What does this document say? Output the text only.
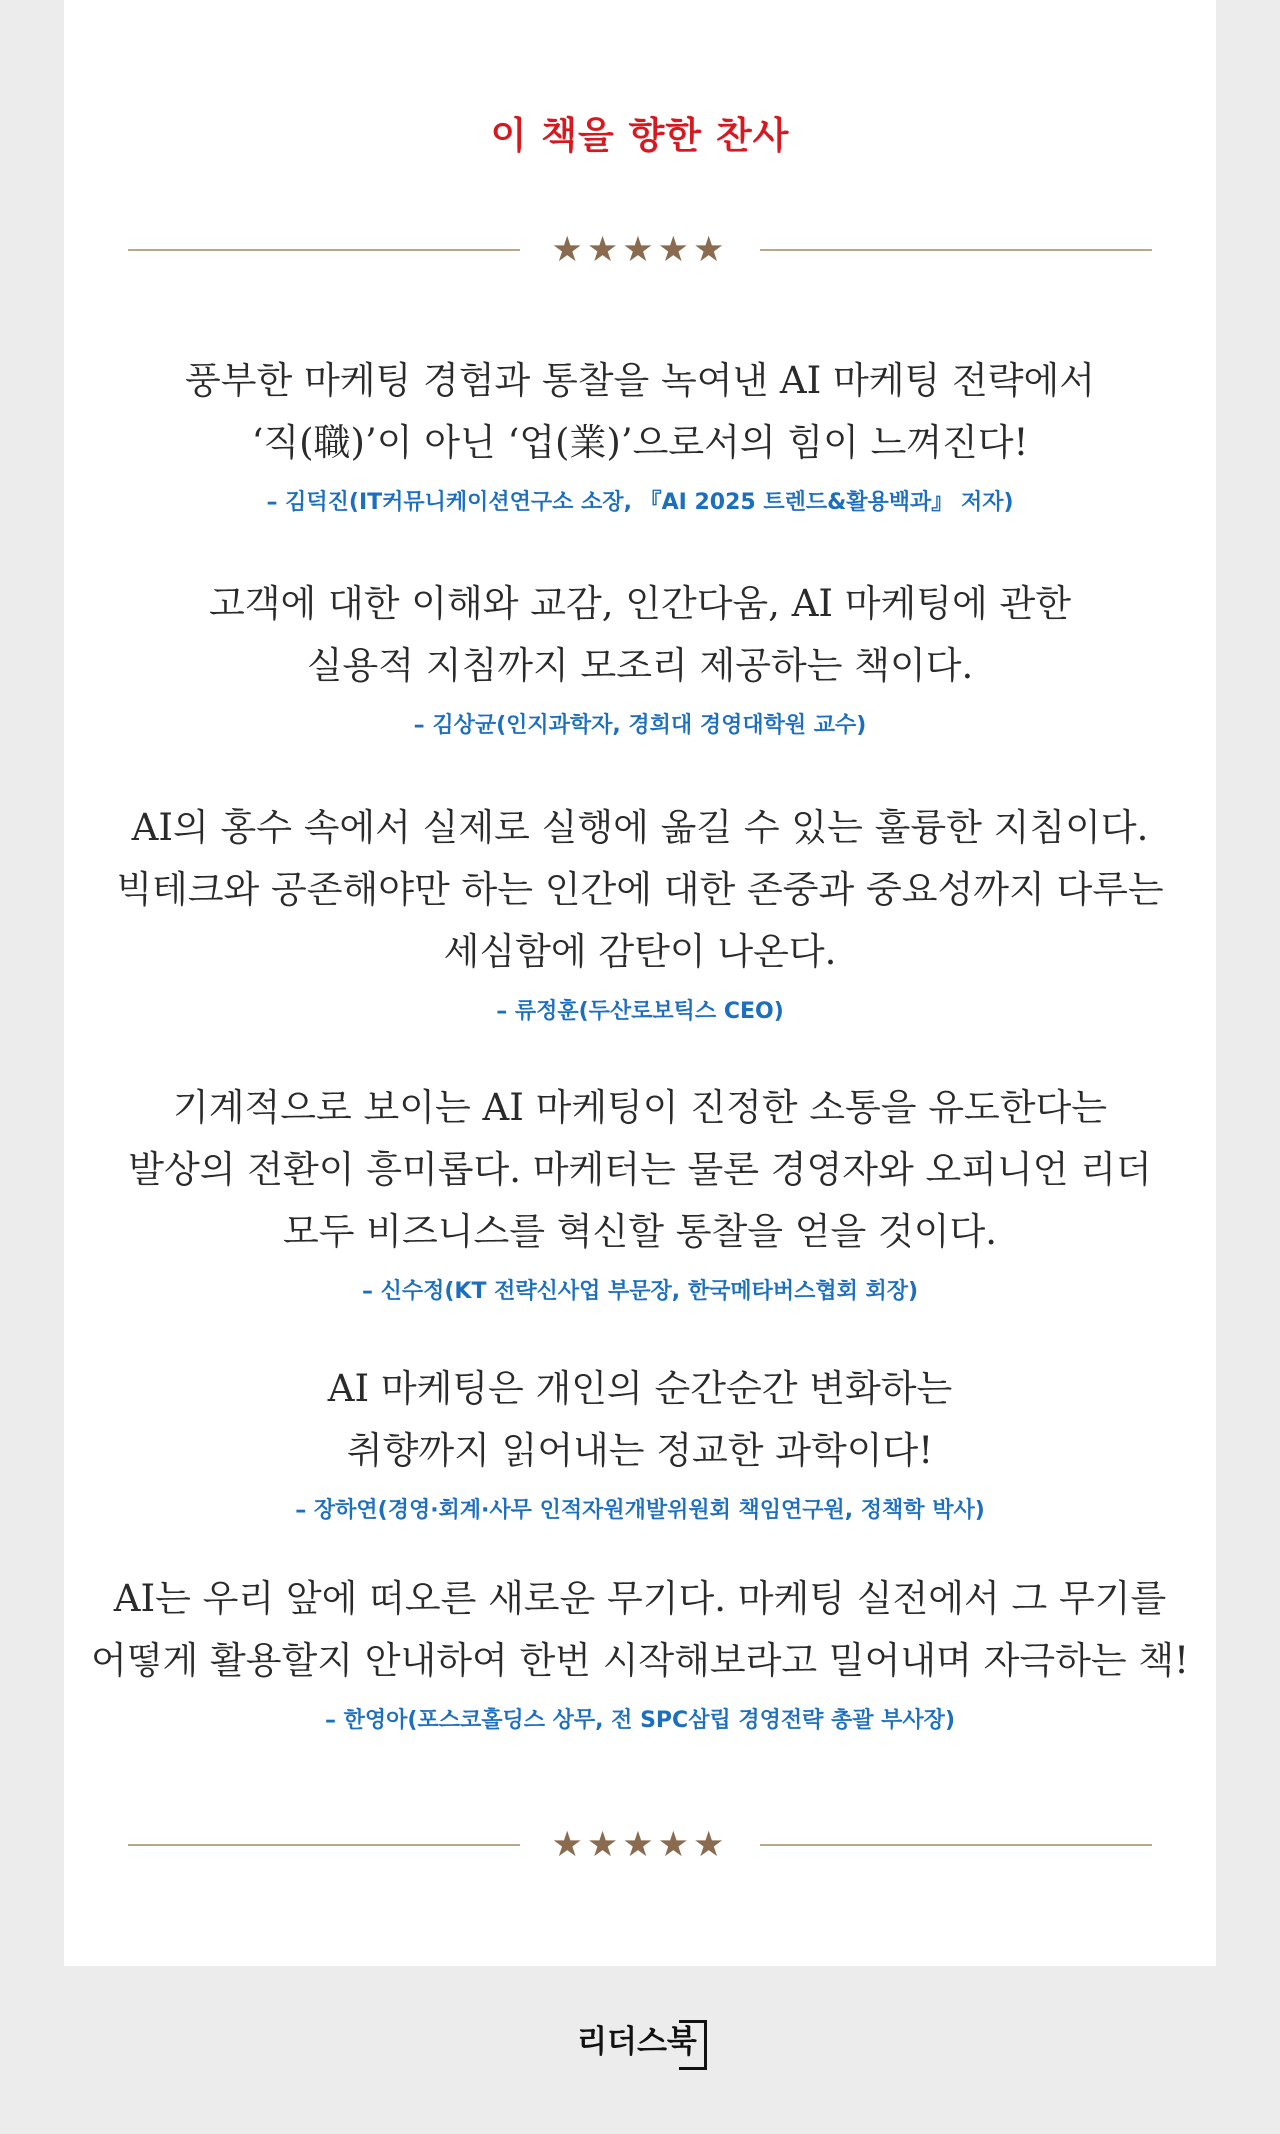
이 책을 향한 찬사
★★★★★
풍부한 마케팅 경험과 통찰을 녹여낸 AI 마케팅 전략에서
‘직(職)’이 아닌 ‘업(業)’으로서의 힘이 느껴진다!
– 김덕진(IT커뮤니케이션연구소 소장, 『AI 2025 트렌드&활용백과』 저자)
고객에 대한 이해와 교감, 인간다움, AI 마케팅에 관한
실용적 지침까지 모조리 제공하는 책이다.
– 김상균(인지과학자, 경희대 경영대학원 교수)
AI의 홍수 속에서 실제로 실행에 옮길 수 있는 훌륭한 지침이다.
빅테크와 공존해야만 하는 인간에 대한 존중과 중요성까지 다루는
세심함에 감탄이 나온다.
– 류정훈(두산로보틱스 CEO)
기계적으로 보이는 AI 마케팅이 진정한 소통을 유도한다는
발상의 전환이 흥미롭다. 마케터는 물론 경영자와 오피니언 리더
모두 비즈니스를 혁신할 통찰을 얻을 것이다.
– 신수정(KT 전략신사업 부문장, 한국메타버스협회 회장)
AI 마케팅은 개인의 순간순간 변화하는
취향까지 읽어내는 정교한 과학이다!
– 장하연(경영·회계·사무 인적자원개발위원회 책임연구원, 정책학 박사)
AI는 우리 앞에 떠오른 새로운 무기다. 마케팅 실전에서 그 무기를
어떻게 활용할지 안내하여 한번 시작해보라고 밀어내며 자극하는 책!
– 한영아(포스코홀딩스 상무, 전 SPC삼립 경영전략 총괄 부사장)
★★★★★
리더스북
